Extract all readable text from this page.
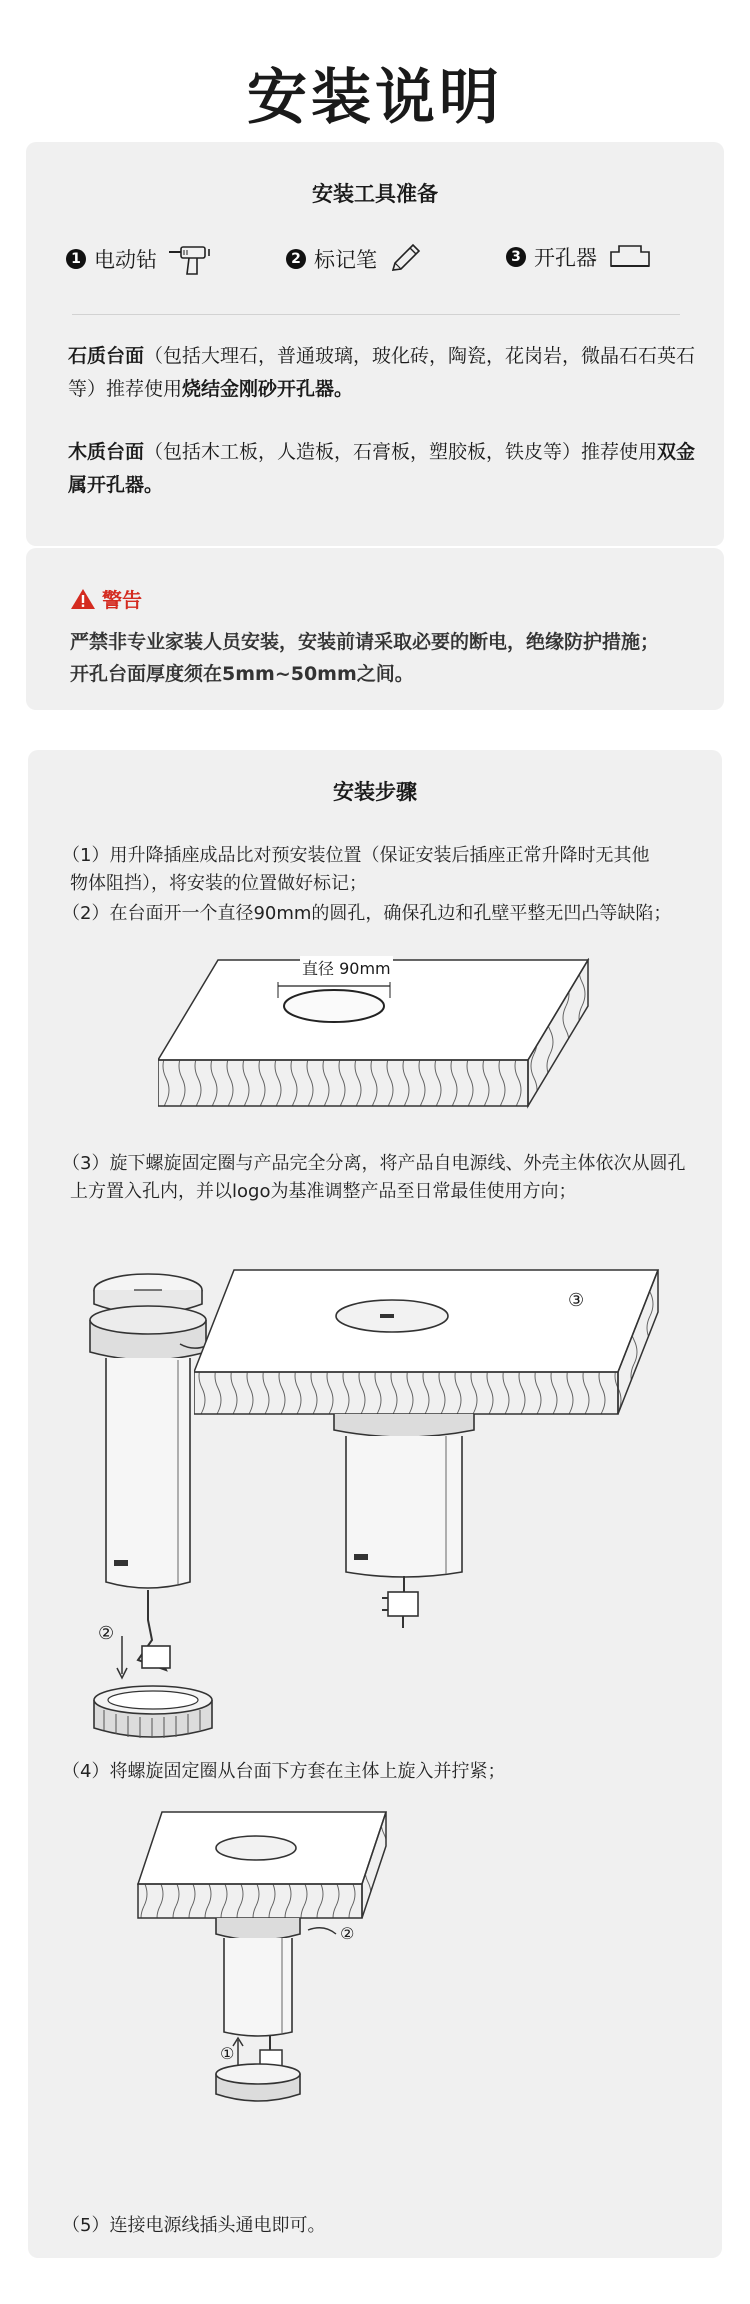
安装说明
安装工具准备
1 电动钻	2 标记笔	3 开孔器
石质台面（包括大理石，普通玻璃，玻化砖，陶瓷，花岗岩，微晶石石英石等）推荐使用烧结金刚砂开孔器。
木质台面（包括木工板，人造板，石膏板，塑胶板，铁皮等）推荐使用双金属开孔器。
警告
严禁非专业家装人员安装，安装前请采取必要的断电，绝缘防护措施；
开孔台面厚度须在5mm~50mm之间。
安装步骤
（1）用升降插座成品比对预安装位置（保证安装后插座正常升降时无其他
物体阻挡），将安装的位置做好标记；
（2）在台面开一个直径90mm的圆孔，确保孔边和孔壁平整无凹凸等缺陷；
直径 90mm
（3）旋下螺旋固定圈与产品完全分离，将产品自电源线、外壳主体依次从圆孔
上方置入孔内，并以logo为基准调整产品至日常最佳使用方向；
②
③
（4）将螺旋固定圈从台面下方套在主体上旋入并拧紧；
②
①
（5）连接电源线插头通电即可。
